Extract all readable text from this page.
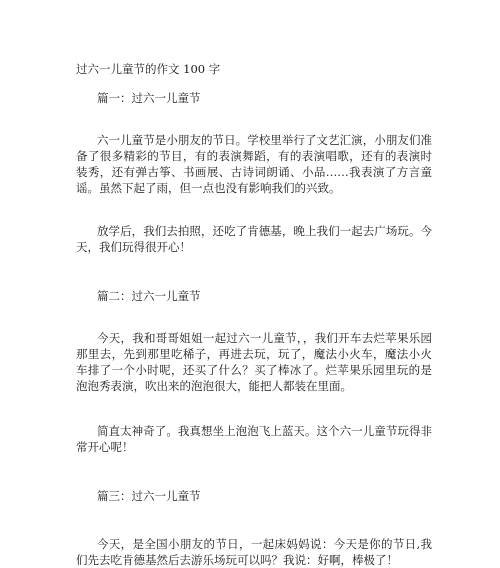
过六一儿童节的作文 100 字
篇一：过六一儿童节
六一儿童节是小朋友的节日。学校里举行了文艺汇演，小朋友们准备了很多精彩的节目，有的表演舞蹈，有的表演唱歌，还有的表演时装秀，还有弹古筝、书画展、古诗词朗诵、小品……我表演了方言童谣。虽然下起了雨，但一点也没有影响我们的兴致。
放学后，我们去拍照，还吃了肯德基，晚上我们一起去广场玩。今天，我们玩得很开心！
篇二：过六一儿童节
今天，我和哥哥姐姐一起过六一儿童节，，我们开车去烂苹果乐园那里去，先到那里吃稀子，再进去玩，玩了，魔法小火车，魔法小火车排了一个小时呢，还买了什么？买了棒冰了。烂苹果乐园里玩的是泡泡秀表演，吹出来的泡泡很大，能把人都装在里面。
简直太神奇了。我真想坐上泡泡飞上蓝天。这个六一儿童节玩得非常开心呢！
篇三：过六一儿童节
今天，是全国小朋友的节日，一起床妈妈说：今天是你的节日,我们先去吃肯德基然后去游乐场玩可以吗？我说：好啊，棒极了！
